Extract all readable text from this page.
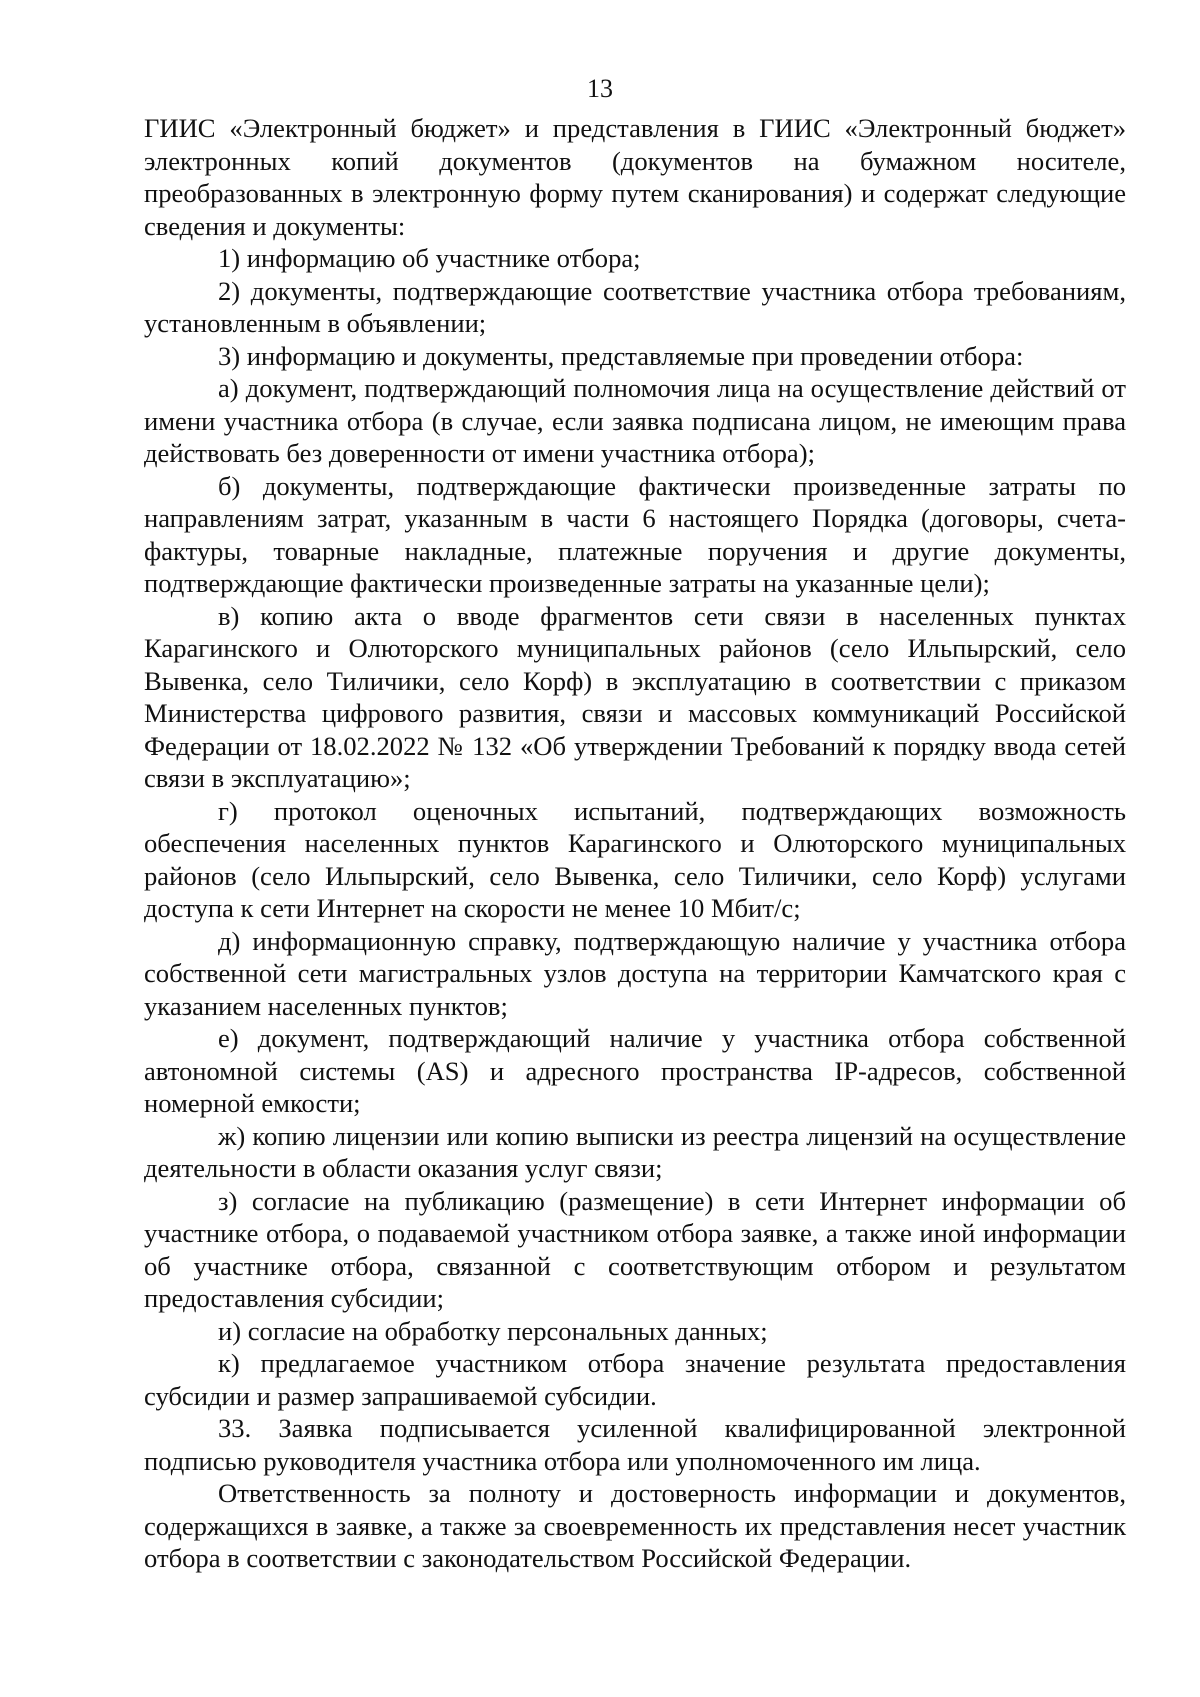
13

ГИИС «Электронный бюджет» и представления в ГИИС «Электронный бюджет» электронных копий документов (документов на бумажном носителе, преобразованных в электронную форму путем сканирования) и содержат следующие сведения и документы:

1) информацию об участнике отбора;

2) документы, подтверждающие соответствие участника отбора требованиям, установленным в объявлении;

3) информацию и документы, представляемые при проведении отбора:

а) документ, подтверждающий полномочия лица на осуществление действий от имени участника отбора (в случае, если заявка подписана лицом, не имеющим права действовать без доверенности от имени участника отбора);

б) документы, подтверждающие фактически произведенные затраты по направлениям затрат, указанным в части 6 настоящего Порядка (договоры, счета-фактуры, товарные накладные, платежные поручения и другие документы, подтверждающие фактически произведенные затраты на указанные цели);

в) копию акта о вводе фрагментов сети связи в населенных пунктах Карагинского и Олюторского муниципальных районов (село Ильпырский, село Вывенка, село Тиличики, село Корф) в эксплуатацию в соответствии с приказом Министерства цифрового развития, связи и массовых коммуникаций Российской Федерации от 18.02.2022 № 132 «Об утверждении Требований к порядку ввода сетей связи в эксплуатацию»;

г) протокол оценочных испытаний, подтверждающих возможность обеспечения населенных пунктов Карагинского и Олюторского муниципальных районов (село Ильпырский, село Вывенка, село Тиличики, село Корф) услугами доступа к сети Интернет на скорости не менее 10 Мбит/с;

д) информационную справку, подтверждающую наличие у участника отбора собственной сети магистральных узлов доступа на территории Камчатского края с указанием населенных пунктов;

е) документ, подтверждающий наличие у участника отбора собственной автономной системы (AS) и адресного пространства IP-адресов, собственной номерной емкости;

ж) копию лицензии или копию выписки из реестра лицензий на осуществление деятельности в области оказания услуг связи;

з) согласие на публикацию (размещение) в сети Интернет информации об участнике отбора, о подаваемой участником отбора заявке, а также иной информации об участнике отбора, связанной с соответствующим отбором и результатом предоставления субсидии;

и) согласие на обработку персональных данных;

к) предлагаемое участником отбора значение результата предоставления субсидии и размер запрашиваемой субсидии.

33. Заявка подписывается усиленной квалифицированной электронной подписью руководителя участника отбора или уполномоченного им лица.

Ответственность за полноту и достоверность информации и документов, содержащихся в заявке, а также за своевременность их представления несет участник отбора в соответствии с законодательством Российской Федерации.
